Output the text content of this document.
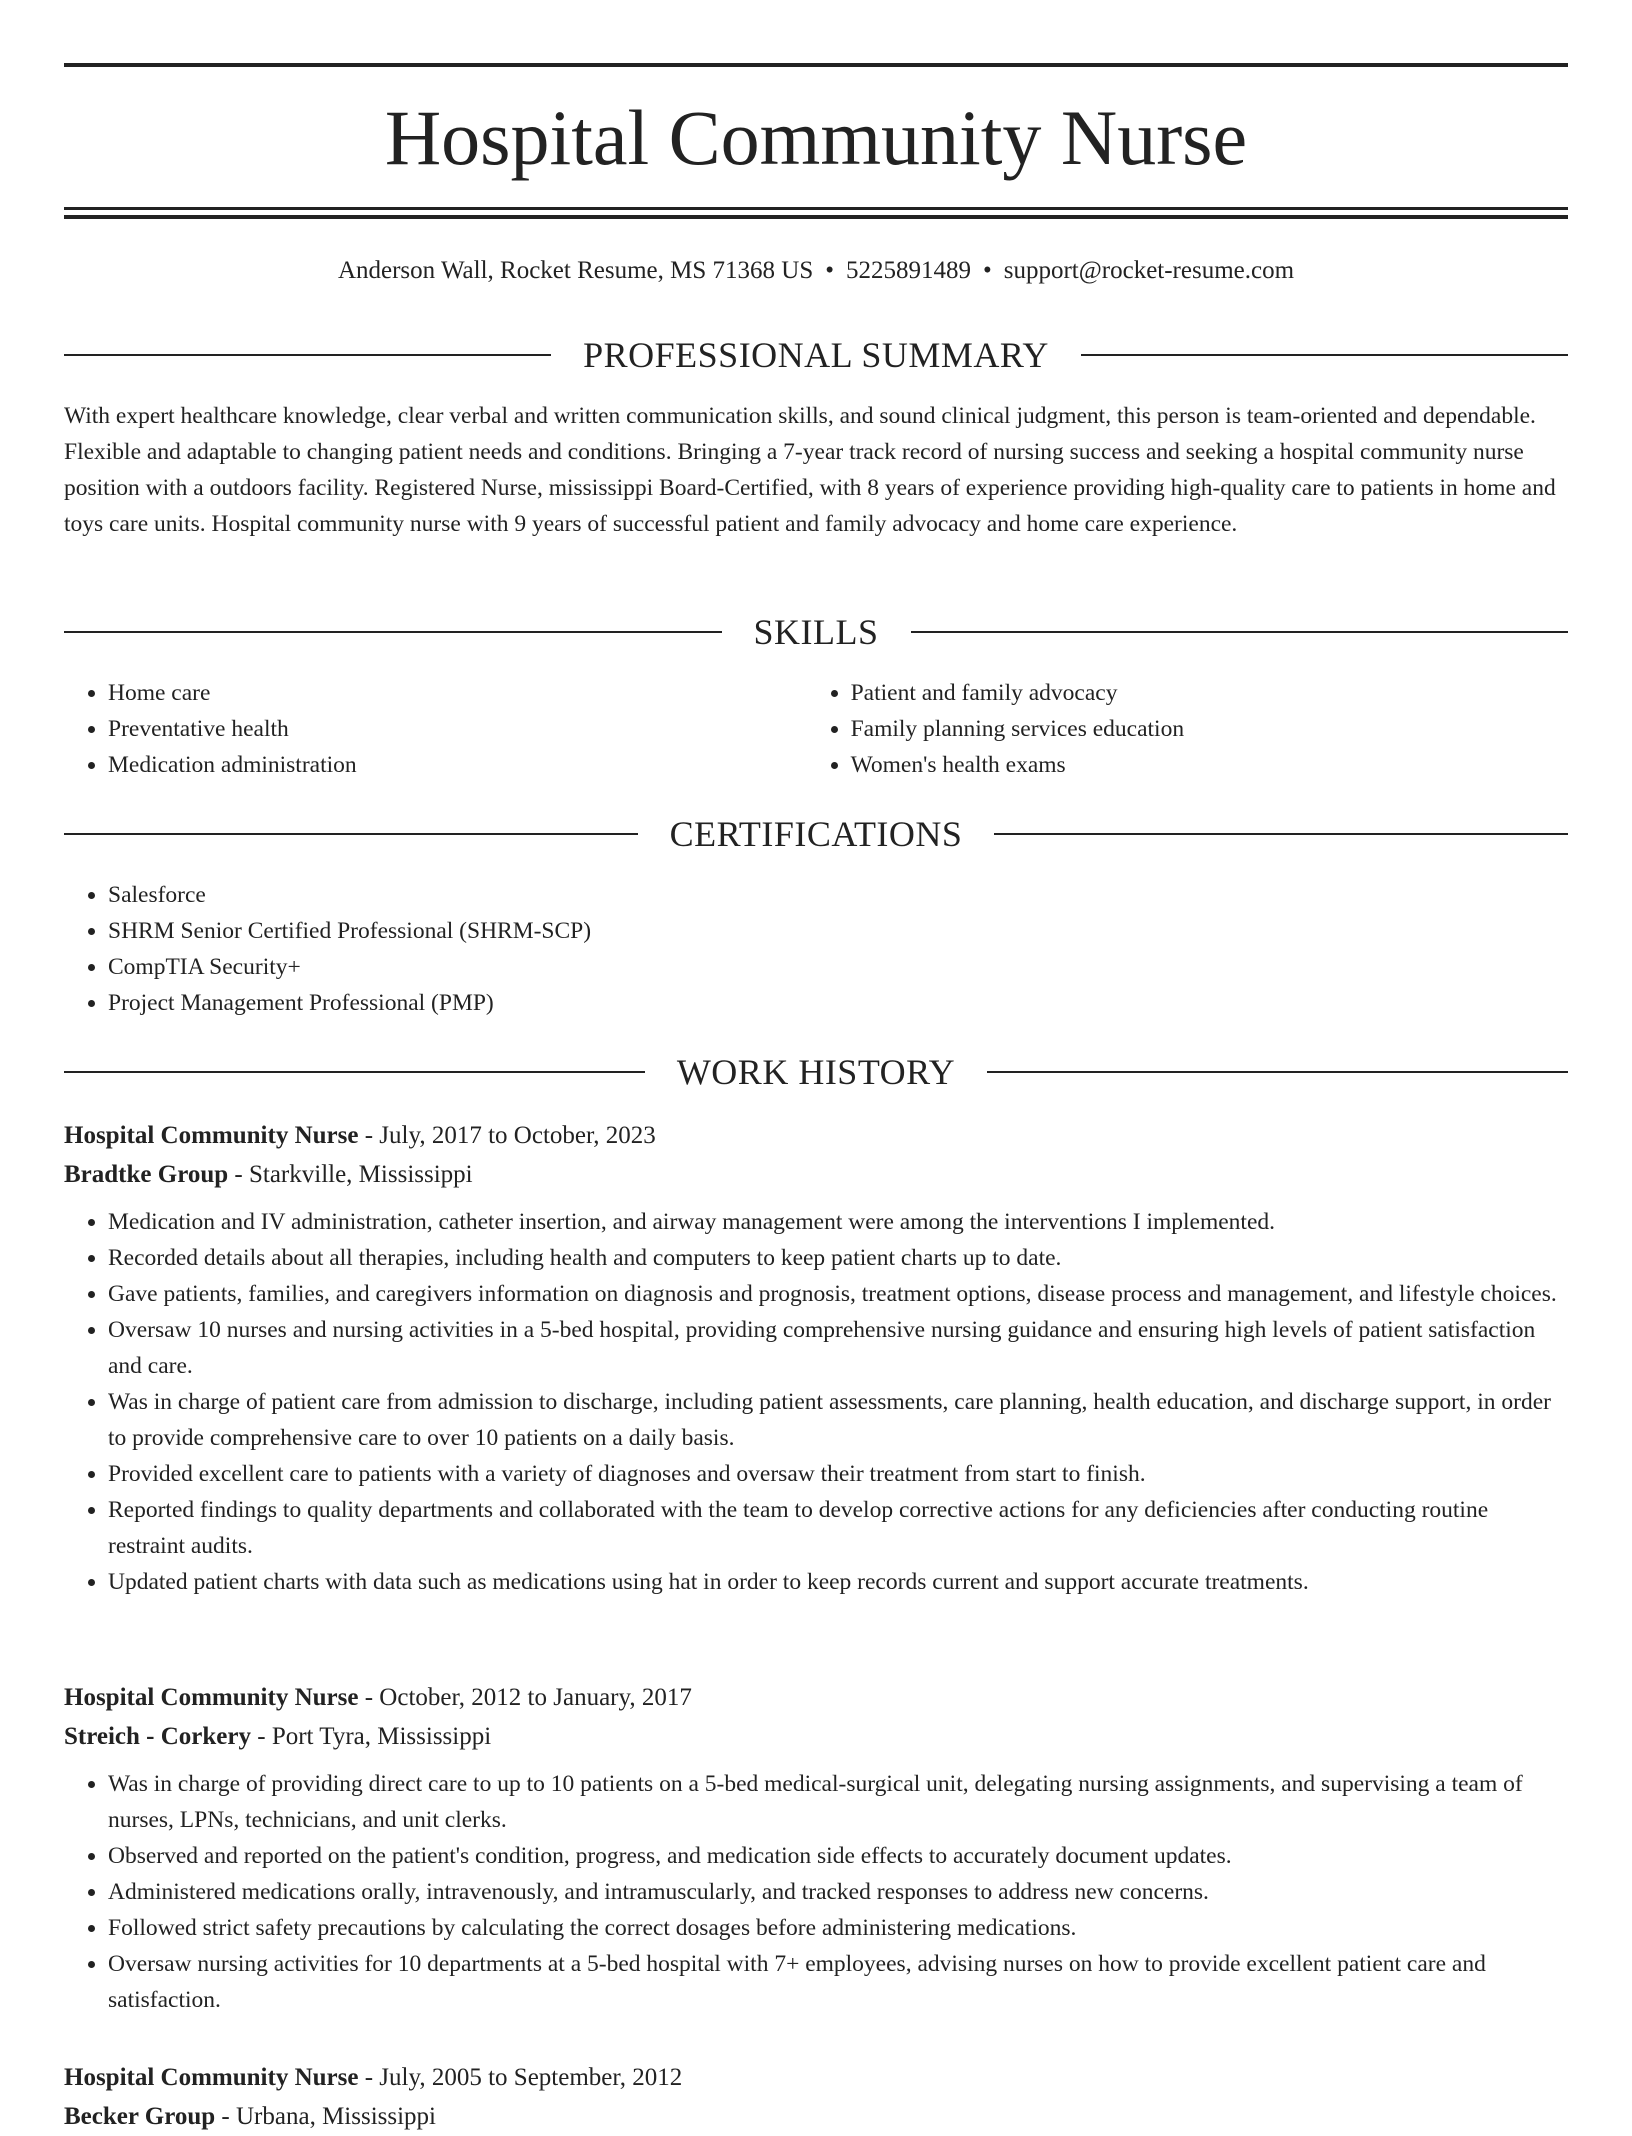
Hospital Community Nurse
Anderson Wall, Rocket Resume, MS 71368 US • 5225891489 • support@rocket-resume.com
PROFESSIONAL SUMMARY

With expert healthcare knowledge, clear verbal and written communication skills, and sound clinical judgment, this person is team-oriented and dependable. Flexible and adaptable to changing patient needs and conditions. Bringing a 7-year track record of nursing success and seeking a hospital community nurse position with a outdoors facility. Registered Nurse, mississippi Board-Certified, with 8 years of experience providing high-quality care to patients in home and toys care units. Hospital community nurse with 9 years of successful patient and family advocacy and home care experience.

SKILLS
• Home care
• Preventative health
• Medication administration
• Patient and family advocacy
• Family planning services education
• Women's health exams
CERTIFICATIONS
• Salesforce
• SHRM Senior Certified Professional (SHRM-SCP)
• CompTIA Security+
• Project Management Professional (PMP)
WORK HISTORY
Hospital Community Nurse - July, 2017 to October, 2023
Bradtke Group - Starkville, Mississippi
• Medication and IV administration, catheter insertion, and airway management were among the interventions I implemented.
• Recorded details about all therapies, including health and computers to keep patient charts up to date.
• Gave patients, families, and caregivers information on diagnosis and prognosis, treatment options, disease process and management, and lifestyle choices.
• Oversaw 10 nurses and nursing activities in a 5-bed hospital, providing comprehensive nursing guidance and ensuring high levels of patient satisfaction and care.
• Was in charge of patient care from admission to discharge, including patient assessments, care planning, health education, and discharge support, in order to provide comprehensive care to over 10 patients on a daily basis.
• Provided excellent care to patients with a variety of diagnoses and oversaw their treatment from start to finish.
• Reported findings to quality departments and collaborated with the team to develop corrective actions for any deficiencies after conducting routine restraint audits.
• Updated patient charts with data such as medications using hat in order to keep records current and support accurate treatments.
Hospital Community Nurse - October, 2012 to January, 2017
Streich - Corkery - Port Tyra, Mississippi
• Was in charge of providing direct care to up to 10 patients on a 5-bed medical-surgical unit, delegating nursing assignments, and supervising a team of nurses, LPNs, technicians, and unit clerks.
• Observed and reported on the patient's condition, progress, and medication side effects to accurately document updates.
• Administered medications orally, intravenously, and intramuscularly, and tracked responses to address new concerns.
• Followed strict safety precautions by calculating the correct dosages before administering medications.
• Oversaw nursing activities for 10 departments at a 5-bed hospital with 7+ employees, advising nurses on how to provide excellent patient care and satisfaction.
Hospital Community Nurse - July, 2005 to September, 2012
Becker Group - Urbana, Mississippi
